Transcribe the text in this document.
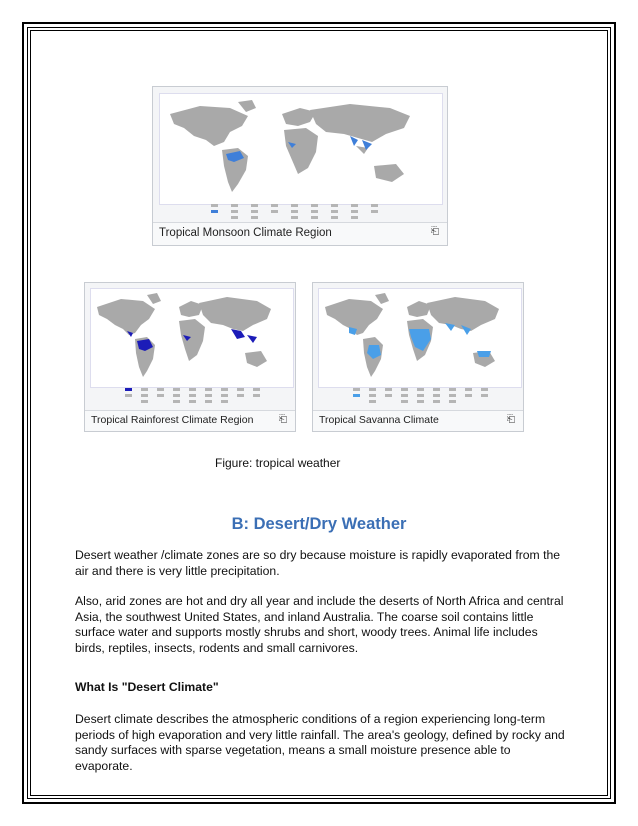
Tropical Monsoon Climate Region	⎗
Tropical Rainforest Climate Region	⎗	Tropical Savanna Climate	⎗
Figure: tropical weather
B: Desert/Dry Weather

Desert weather /climate zones are so dry because moisture is rapidly evaporated from the air and there is very little precipitation.

Also, arid zones are hot and dry all year and include the deserts of North Africa and central Asia, the southwest United States, and inland Australia. The coarse soil contains little surface water and supports mostly shrubs and short, woody trees. Animal life includes birds, reptiles, insects, rodents and small carnivores.

What Is "Desert Climate"

Desert climate describes the atmospheric conditions of a region experiencing long-term periods of high evaporation and very little rainfall. The area's geology, defined by rocky and sandy surfaces with sparse vegetation, means a small moisture presence able to evaporate.
